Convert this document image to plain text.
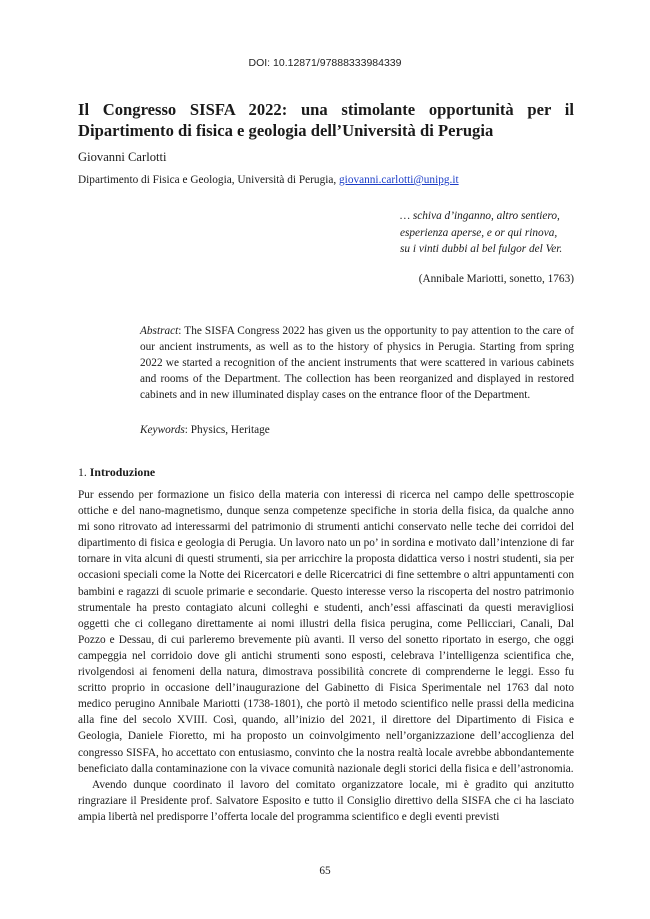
DOI: 10.12871/97888333984339
Il Congresso SISFA 2022: una stimolante opportunità per il Dipartimento di fisica e geologia dell’Università di Perugia

Giovanni Carlotti

Dipartimento di Fisica e Geologia, Università di Perugia, giovanni.carlotti@unipg.it

… schiva d’inganno, altro sentiero,
esperienza aperse, e or qui rinova,
su i vinti dubbi al bel fulgor del Ver.
(Annibale Mariotti, sonetto, 1763)

Abstract: The SISFA Congress 2022 has given us the opportunity to pay attention to the care of our ancient instruments, as well as to the history of physics in Perugia. Starting from spring 2022 we started a recognition of the ancient instruments that were scattered in various cabinets and rooms of the Department. The collection has been reorganized and displayed in restored cabinets and in new illuminated display cases on the entrance floor of the Department.

Keywords: Physics, Heritage

1. Introduzione

Pur essendo per formazione un fisico della materia con interessi di ricerca nel campo delle spettroscopie ottiche e del nano-magnetismo, dunque senza competenze specifiche in storia della fisica, da qualche anno mi sono ritrovato ad interessarmi del patrimonio di strumenti antichi conservato nelle teche dei corridoi del dipartimento di fisica e geologia di Perugia. Un lavoro nato un po’ in sordina e motivato dall’intenzione di far tornare in vita alcuni di questi strumenti, sia per arricchire la proposta didattica verso i nostri studenti, sia per occasioni speciali come la Notte dei Ricercatori e delle Ricercatrici di fine settembre o altri appuntamenti con bambini e ragazzi di scuole primarie e secondarie. Questo interesse verso la riscoperta del nostro patrimonio strumentale ha presto contagiato alcuni colleghi e studenti, anch’essi affascinati da questi meravigliosi oggetti che ci collegano direttamente ai nomi illustri della fisica perugina, come Pellicciari, Canali, Dal Pozzo e Dessau, di cui parleremo brevemente più avanti. Il verso del sonetto riportato in esergo, che oggi campeggia nel corridoio dove gli antichi strumenti sono esposti, celebrava l’intelligenza scientifica che, rivolgendosi ai fenomeni della natura, dimostrava possibilità concrete di comprenderne le leggi. Esso fu scritto proprio in occasione dell’inaugurazione del Gabinetto di Fisica Sperimentale nel 1763 dal noto medico perugino Annibale Mariotti (1738-1801), che portò il metodo scientifico nelle prassi della medicina alla fine del secolo XVIII. Così, quando, all’inizio del 2021, il direttore del Dipartimento di Fisica e Geologia, Daniele Fioretto, mi ha proposto un coinvolgimento nell’organizzazione dell’accoglienza del congresso SISFA, ho accettato con entusiasmo, convinto che la nostra realtà locale avrebbe abbondantemente beneficiato dalla contaminazione con la vivace comunità nazionale degli storici della fisica e dell’astronomia.

Avendo dunque coordinato il lavoro del comitato organizzatore locale, mi è gradito qui anzitutto ringraziare il Presidente prof. Salvatore Esposito e tutto il Consiglio direttivo della SISFA che ci ha lasciato ampia libertà nel predisporre l’offerta locale del programma scientifico e degli eventi previsti

65
